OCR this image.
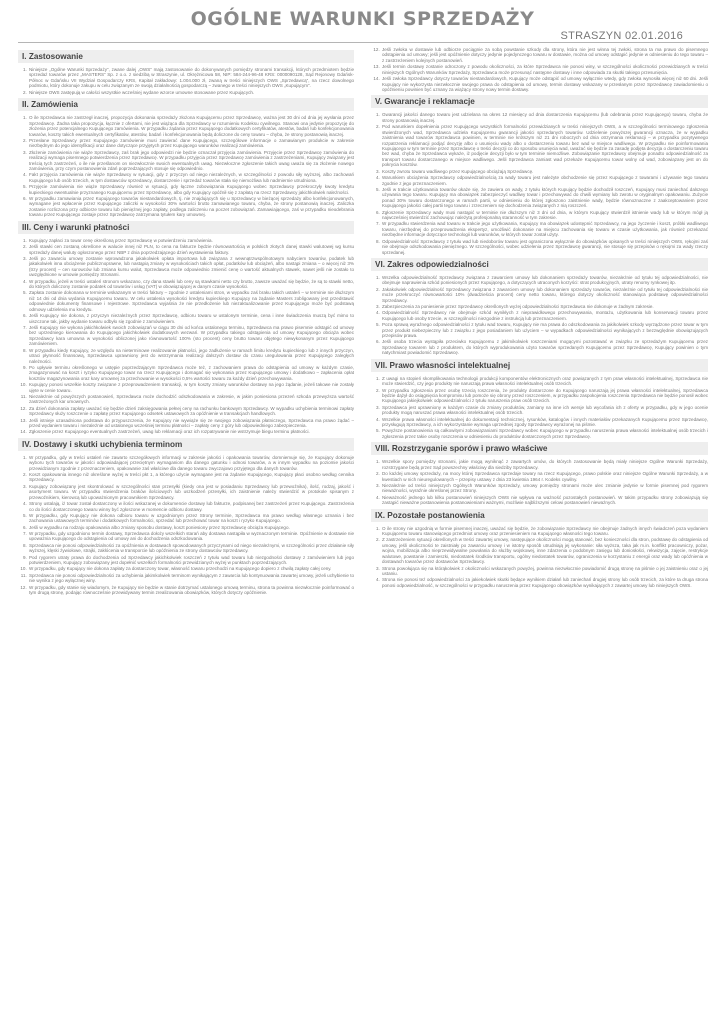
OGÓLNE WARUNKI SPRZEDAŻY
STRASZYN 02.01.2016
I. Zastosowanie
1. Niniejsze „Ogólne Warunki Sprzedaży”, zwane dalej „OWS” mają zastosowanie do dokonywanych pomiędzy stronami transakcji, których przedmiotem będzie sprzedaż towarów przez „MASTERS” Sp. z o.o. z siedzibą w Straszynie, ul. Okrężnicowa 58, NIP: 584-244-96-48 KRS: 0000090128, Sąd Rejonowy Gdańsk-Północ w Gdańsku VII Wydział Gospodarczy KRS, Kapitał zakładowy: 1.004.000 zł, zwaną w treści niniejszych OWS „Sprzedawcą”, na rzecz dowolnego podmiotu, który dokonuje zakupu w celu związanym ze swoją działalnością gospodarczą – zwanego w treści niniejszych OWS „Kupującym”.
2. Niniejsze OWS zastępują w całości wszystkie wcześniej wydane wzorce umowne stosowane przez Kupujących.
II. Zamówienia
1. O ile Sprzedawca nie zastrzegł inaczej, propozycja dokonania sprzedaży złożona Kupującemu przez Sprzedawcę, ważna jest 30 dni od dnia jej wysłania przez Sprzedawcę. Żadna taka propozycja, łącznie z ofertami, nie jest wiążąca dla Sprzedawcy w rozumieniu Kodeksu cywilnego. Stanowi ona jedynie propozycję do złożenia przez potencjalnego Kupującego zamówienia. W przypadku żądania przez Kupującego dodatkowych certyfikatów, atestów, badań lub konfekcjonowania towarów, koszty takich ewentualnych certyfikatów, atestów, badań i konfekcjonowania będą doliczone do ceny towaru – chyba, że strony postanowią inaczej.
2. Przesłane Sprzedawcy przez Kupującego zamówienie musi zawierać dane Kupującego, szczegółowe informacje o zamawianym produkcie w zakresie niezbędnym do jego identyfikacji oraz dane dotyczące przyjętych przez Kupującego warunków realizacji zamówienia.
3. Złożenie zamówienia nie wiąże Sprzedawcy, zaś brak jego odpowiedzi nie będzie oznaczał przyjęcia zamówienia. Przyjęcie przez Sprzedawcę zamówienia do realizacji wymaga pisemnego potwierdzenia przez Sprzedawcę. W przypadku przyjęcia przez Sprzedawcę zamówienia z zastrzeżeniami, Kupujący związany jest treścią tych zastrzeżeń, o ile nie prześlanom on niezwłocznie swoich ewentualnych uwag. Niezwłoczne zgłoszenie takich uwag uważa się za złożenie nowego zamówienia, przy czym postanowienia zdań poprzedzających stosuje się odpowiednio.
4. Fakt przyjęcia zamówienia nie wiąże Sprzedawcy w sytuacji, gdy z przyczyn od niego niezależnych, w szczególności z powodu siły wyższej, albo zachowań Kupującego lub osób trzecich, w tym dostawców sprzedawcy, dostarczenie i sprzedaż towarów stała się niemożliwa lub nadmiernie utrudniona.
5. Przyjęcie zamówienia nie wiąże Sprzedawcy również w sytuacji, gdy łączne zobowiązania Kupującego wobec Sprzedawcy przekroczyły kwoty kredytu kupieckiego ewentualnie przyznanego Kupującemu przez Sprzedawcę, albo gdy Kupujący opóźnił się z zapłatą na rzecz Sprzedawcy jakichkolwiek należności.
6. W przypadku zamawiania przez Kupującego towarów niestandardowych, tj. nie znajdujących się u Sprzedawcy w bieżącej sprzedaży albo konfekcjonowanych, wymagane jest wpłacenie przez Kupującego zaliczki w wysokości 30% wartości brutto zamawianego towaru, chyba, że strony postanowią inaczej. Zaliczka zostanie rozliczona przy odbiorze towaru lub pieniężnej jego zapłaty, podlega zaliczeniu na poczet zobowiązań. Zamawiającego, zaś w przypadku nieodebrania towaru przez Kupującego zostaje przez Sprzedawcę zatrzymana tytułem kary umownej.
III. Ceny i warunki płatności
1. Kupujący zapłaci za towar cenę określoną przez Sprzedawcę w potwierdzeniu zamówienia.
2. Jeśli stawki cen zostaną określone w walucie innej niż PLN, to cena na fakturze będzie równowartością w polskich złotych danej stawki walutowej wg kursu sprzedaży danej waluty ogłoszonego przez NBP z dnia poprzedzającego dzień wystawienia faktury.
3. Jeśli po zawarciu umowy zostanie wprowadzona jakakolwiek opłata importowa lub związana z wewnątrzwspólnotowym nabyciem towarów, podatek lub jakakolwiek inna obciążenie publicznoprawne, lub nastąpią zmiany w wysokościach takich opłat, podatków lub obciążeń, albo nastąpi zmiana – o więcej niż 3% (trzy procent) – cen surowców lub zmiana kursu walut, Sprzedawca może odpowiednio zmienić cenę o wartość aktualnych stawek, nawet jeśli nie zostało to uwzględnione w umowie pomiędzy Stronami.
4. W przypadku, jeżeli w treści ustaleń stronom wskazano, czy dana stawki lub ceny są stawkami netto czy brutto, zawsze uważać się będzie, że są to stawki netto, do których doliczony zostanie podatek od towarów i usług (VAT) w obowiązującej w danym czasie wysokości.
5. Zapłata zostanie dokonana w terminie wskazanym w treści faktury – zgodnie z ustaleniami stron, w wypadku zaś braku takich ustaleń – w terminie nie dłuższym niż 14 dni od dnia wydania Kupującemu towaru. W celu ustalenia wysokości kredytu kupieckiego Kupujący na żądanie Masters zobligowany jest przedstawić odpowiednie dokumenty finansowe i rejestrowe. Sprzedawca wyjaśnia że nie przedłożenie lub niezaktualizowanie przez Kupującego może być podstawą odmowy udzielenia mu kredytu.
6. Jeśli Kupujący nie dokona, z przyczyn niezależnych przez Sprzedawcę, odbioru towaru w ustalonym terminie, cena i inne świadczenia muszą być mimo to uiszczone tak, jakby wydanie towaru odbyło się zgodnie z zamówieniem.
7. Jeśli Kupujący nie wykona jakichkolwiek swoich zobowiązań w ciągu 30 dni od końca ustalonego terminu, Sprzedawca ma prawo pisemnie odstąpić od umowy bez uprzedniego kierowania do Kupującego jakichkolwiek dodatkowych wezwań. W przypadku takiego odstąpienia od umowy Kupującego obciąża wobec Sprzedawcy kara umowna w wysokości obliczonej jako równowartość 100% (sto procent) ceny brutto towaru objętego niewykonanym przez Kupującego zamówieniem.
8. W przypadku kiedy Kupujący, ze względu na nieterminowe realizowanie płatności, jego zadłużenie w ramach limitu kredytu kupieckiego lub z innych przyczyn, utraci płynność finansową, Sprzedawca uprawniony jest do wstrzymania realizacji dalszych dostaw do czasu uregulowania przez Kupującego zaległych należności.
9. Po upływie terminu określonego w ustępie poprzedzającym Sprzedawca może też, z zachowaniem prawa do odstąpienia od umowy w każdym czasie, zmagazynować na koszt i ryzyko Kupującego towar na rzecz Kupującego i domagać się wykonania przez Kupującego umowy i dodatkowo – zapłacenia opłat kosztów magazynowania oraz kary umownej za przechowanie w wysokości 0,5% wartości towaru za każdy dzień przechowywania.
10. Kupujący ponosi wszelkie koszty związane z przeprowadzeniem transakcji, w tym koszty zmiany warunków dostawy na jego żądanie, jeżeli takowe nie zostały ujęte w cenie towaru.
11. Niezależnie od powyższych postanowień, Sprzedawca może dochodzić odszkodowania w zakresie, w jakim poniesiona przezeń szkoda przewyższa wartość zastrzeżonych kar umownych.
12. Za dzień dokonania zapłaty uważać się będzie dzień zaksięgowania pełnej ceny na rachunku bankowym Sprzedawcy. W wypadku uchybienia terminowi zapłaty Sprzedawcy służy roszczenie o zapłatę przez Kupującego odsetek ustawowych za opóźnienie w transakcjach handlowych.
13. Jeśli istnieje uzasadniona podstawa do przypuszczenia, że Kupujący nie wywiąże się ze swojego zobowiązania płatniczego, Sprzedawca ma prawo żądać – przed wydaniem towaru i niezależnie od ustalonego wcześniej terminu płatności – zapłaty ceny z góry lub odpowiedniego zabezpieczenia.
14. Zgłoszenie przez Kupującego eventualnych zastrzeżeń, uwag lub reklamacji oraz ich rozpatrywanie nie wstrzymuje biegu terminu płatności.
IV. Dostawy i skutki uchybienia terminom
1. W przypadku, gdy w treści ustaleń nie zawarto szczegółowych informacji w zakresie jakości i opakowania towarów, domniemuje się, że Kupujący dokonuje wyboru tych towarów w jakości odpowiadającej przeciętnym wymaganiom dla danego gatunku i odnosi towarów, a w innym wypadku na poziomie jakości przewidzianym zgodnie z przeznaczeniem, opakowanie zaś właściwe dla danego towaru zwyczajowo przyjętego dla danych towarów.
2. Koszt opakowania innego niż określone wyżej w treści pkt 1, a którego użycie wymagane jest na żądanie Kupującego, Kupujący płaci osobno według cennika Sprzedawcy.
3. Kupujący zobowiązany jest skontrolować w szczególności stan przesyłki (kiedy ona jest w posiadaniu Sprzedawcy lub przewoźnika), ilość, rodzaj, jakość i asortyment towaru. W przypadku stwierdzenia braków ilościowych lub uszkodzeń przesyłki, ich zaistnienie należy stwierdzić w protokole spisanym z przewoźnikiem, kierowcą lub upoważnionym pracownikiem Sprzedawcy.
4. Strony ustalają, iż towar został dostarczony w ilości wskazanej w dokumencie dostawy lub fakturze, podpisanej bez zastrzeżeń przez Kupującego. Zastrzeżenia co do ilości dostarczonego towaru winny być zgłoszone w momencie odbioru dostawy.
5. W przypadku, gdy Kupujący nie dokona odbioru towaru w uzgodnionym przez Strony terminie, Sprzedawca ma prawo według własnego uznania i bez zachowania ustawowych terminów i dodatkowych formalności, sprzedać lub przechować towar na koszt i ryzyko Kupującego.
6. Jeśli w wypadku na rodzaju opakowania albo zmiany sposobu dostawy, koszt poniesiony przez Sprzedawcę obciąża Kupującego.
7. W przypadku, gdy uzgodniono termin dostawy, Sprzedawca dołoży wszelkich starań aby dostawa nastąpiła w wyznaczonym terminie. Opóźnienie w dostawie nie upoważnia Kupującego do odstąpienia od umowy ani do dochodzenia odszkodowania.
8. Sprzedawca nie ponosi odpowiedzialności za opóźnienia w dostawach spowodowanych przyczynami od niego niezależnymi, w szczególności przez działanie siły wyższej, klęski żywiołowe, strajki, zakłócenia w transporcie lub opóźnienia ze strony dostawców Sprzedawcy.
9. Pod rygorem utraty prawa do dochodzenia od Sprzedawcy jakichkolwiek roszczeń z tytułu wad towaru lub niezgodności dostawy z zamówieniem lub jego potwierdzeniem, Kupujący zobowiązany jest dopełnić wszelkich formalności przewidzianych wyżej w punktach poprzedzających.
10. W przypadku, gdy Kupujący nie dokona zapłaty za dostarczony towar, własność towaru przechodzi na Kupującego dopiero z chwilą zapłaty całej ceny.
11. Sprzedawca nie ponosi odpowiedzialności za uchybienia jakimkolwiek terminom wynikającym z zawarcia lub kontynuowania zawartej umowy, jeżeli uchybienie to nie wynika z jego wyłącznej winy.
12. W przypadku, gdy stanie się wiadomym, że Kupujący nie będzie w stanie dotrzymać ustalonego umową terminu, strona ta powinna niezwłocznie poinformować o tym drugą stronę, podając równocześnie przewidywany termin zrealizowania obowiązków, których dotyczy opóźnienie.
12. Jeśli zwłoka w dostawie lub odbiorze pociągnie za sobą powstanie szkody dla strony, która nie jest winna tej zwłoki, strona ta ma prawo do pisemnego odstąpienia od umowy; jeśli jest opóźnienie dotyczy jedynie pojedynczego towaru w dostawie, można od umowy odstąpić jedynie w odniesieniu do tego towaru – z zastrzeżeniem kolejnych postanowień.
13. Jeśli termin dostawy zostanie odroczony z powodu okoliczności, za które Sprzedawca nie ponosi winy, w szczególności okoliczności przewidzianych w treści niniejszych Ogólnych Warunków Sprzedaży, Sprzedawca może przesunąć następne dostawy i inne odpowiada za skutki takiego przesunięcia.
14. Jeśli zwłoka Sprzedawcy dotyczy towarów niestandardowych, Kupujący może odstąpić od umowy wyłącznie wtedy, gdy zwłoka wynosiła więcej niż 60 dni. Jeśli Kupujący nie wykorzysta niezwłocznie swojego prawa do odstąpienia od umowy, termin dostawy wskazany w przesłanym przez Sprzedawcę zawiadomieniu o opóźnieniu powinien być uznany za wiążący strony nowy termin dostawy.
V. Gwarancje i reklamacje
1. Gwarancji jakości danego towaru jest udzielana na okres 12 miesięcy od dnia dostarczenia Kupującemu (lub odebrania przez Kupującego) towaru, chyba że strony postanowią inaczej.
2. Pod warunkiem dopełnienia przez Kupującego wszystkich formalności przewidzianych w treści niniejszych OWS, a w szczególności terminowego zgłoszenia stwierdzonych wad, Sprzedawca udziela Kupującemu gwarancji jakości sprzedanych towarów. Udzielenie powyższej gwarancji oznacza, że w wypadku zaistnienia wad towarów Sprzedawca powinien, w terminie nie krótszym niż 21 dni roboczych od dnia otrzymania reklamacji – w przypadku pozytywnego rozpatrzenia reklamacji podjąć decyzję albo o usunięciu wady albo o dostarczeniu towaru bez wad w miejsce wadliwego. W przypadku nie poinformowania Kupującego w tym terminie przez Sprzedawcę o treści decyzji co do sposobu usunięcia wad, uważać się będzie za zasadę podjęta decyzja o dostarczeniu towaru bez wad, chyba że Sprzedawca wykaże, iż podjęcie decyzji było w tym terminie niemożliwe. Zobowiązanie Sprzedawcy obejmuje ponadto odpowiedzialność za transport towaru dostarczanego w miejsce wadliwego. Jeśli Sprzedawca zamiast wad przekaże Kupującemu towar wolny od wad, zobowiązany jest on do pokrycia kosztów.
3. Koszty zwrotu towaru wadliwego przez Kupującego obciążają Sprzedawcę.
4. Warunkiem obciążenia Sprzedawcy odpowiedzialnością za wady towaru jest należyte obchodzenie się przez Kupującego z towarami i używanie tego towaru zgodnie z jego przeznaczeniem.
5. Jeśli w trakcie użytkowania towarów okaże się, że zawiera on wady, z tytułu których Kupujący będzie dochodził roszczeń, Kupujący musi zaniechać dalszego używania tego towaru. Kupujący ma obowiązek zabezpieczyć wadliwy towar i przechowywać do chwili wymiany lub zwrotu w oryginalnym opakowaniu. Zużycie ponad 30% towaru dostarczonego w ramach partii, w odniesieniu do której zgłoszono zaistnienie wady, będzie równoznaczne z zaakceptowaniem przez Kupującego jakości całej partii tego towaru i zrzeczeniem się dochodzenia związanych z nią roszczeń.
6. Zgłoszenie Sprzedawcy wady musi nastąpić w terminie nie dłuższym niż 3 dni od dnia, w którym Kupujący stwierdził istnienie wady lub w którym mógł ją najwcześniej stwierdzić zachowując należytą profesjonalną staranność w tym zakresie.
7. W przypadku stwierdzenia wad towaru w trakcie jego użytkowania, Kupujący ma obowiązek udostępnić Sprzedawcy, na jego życzenie i koszt, próbki wadliwego towaru, niezbędnej do przeprowadzenia ekspertyz, umożliwić dokonanie na miejscu zachowania się towaru w czasie użytkowania, jak również przekazać niezbędne informacje dotyczące technologii lub warunków, w których towar został użyty.
8. Odpowiedzialność Sprzedawcy z tytułu wad lub niedoborów towaru jest ograniczona wyłącznie do obowiązków opisanych w treści niniejszych OWS, rękojmi zaś nie obejmuje odszkodowania pieniężnego. W szczególności, wobec udzielenia przez Sprzedawcę gwarancji, nie stosuje się przepisów o rękojmi za wady rzeczy sprzedanej.
VI. Zakres odpowiedzialności
1. Wszelka odpowiedzialność Sprzedawcy związana z zawarciem umowy lub dokonaniem sprzedaży towarów, niezależnie od tytułu tej odpowiedzialności, nie obejmuje naprawienia szkód poniesionych przez Kupującego, a dotyczących utraconych korzyści: strat produkcyjnych, utraty renomy rynkowej itp.
2. Jakakolwiek odpowiedzialność Sprzedawcy związana z zawarciem umowy lub dokonaniem sprzedaży towarów, niezależnie od tytułu tej odpowiedzialności nie może przekroczyć równowartości 10% (dwadzieścia procent) ceny netto towaru, którego dotyczy okoliczność stanowiąca podstawę odpowiedzialności Sprzedawcy.
3. Zabezpieczenia za poniesienie przez Sprzedawcę określonych wyżej odpowiedzialności Sprzedawca nie dokonuje w żadnym zakresie.
4. Odpowiedzialność Sprzedawcy nie obejmuje szkód wynikłych z nieprawidłowego przechowywania, montażu, użytkowania lub konserwacji towaru przez Kupującego lub osoby trzecie, w szczególności niezgodnie z instrukcją lub przeznaczeniem.
5. Poza sprawą wyraźnego odpowiedzialności z tytułu wad towaru, Kupujący nie ma prawa do odszkodowania za jakikolwiek szkody wyrządzone przez towar w tym przez produkt niebezpieczny lub z związku z jego posiadaniem lub użyciem – w wypadkach odpowiedzialności wynikających z bezzwględnie obowiązujących przepisów prawa.
6. Jeśli osoba trzecia wystąpiła przeciwko Kupującemu z jakimikolwiek roszczeniami mogącymi pozostawać w związku ze sprzedażym Kupującemu przez Sprzedawcę towarem lub z produktem, do których wyprodukowania użyto towarów sprzedanych Kupującemu przez Sprzedawcę, Kupujący powinien o tym natychmiast powiadomić Sprzedawcę.
VII. Prawo własności intelektualnej
1. Z uwagi na stopień skomplikowania technologii produkcji komponentów elektronicznych oraz powiązanych z tym praw własności intelektualnej, Sprzedawca nie może stwierdzić, czy jego produkty nie naruszają prawa własności intelektualnej osób trzecich.
2. W przypadku zgłoszenia przez osobę trzecią roszczenia, że produkty dostarczone do Kupującego naruszają jej prawa własności intelektualnej, Sprzedawca będzie dążył do osiągnięcia kompromisu lub pomoże się obrony przed roszczeniem, w przypadku zaspokojenia roszczenia Sprzedawca nie będzie ponosił wobec Kupującego jakiejkolwiek odpowiedzialności z tytułu naruszenia praw osób trzecich.
3. Sprzedawca jest uprawniony w każdym czasie do zmiany produktów, zamiany na inne ich wersje lub wycofania ich z oferty w przypadku, gdy w jego ocenie produkty mogą naruszać prawa własności intelektualnej osób trzecich.
4. Wszelkie prawa własności intelektualnej do dokumentacji technicznej, rysunków, katalogów i innych materiałów przekazanych Kupującemu przez Sprzedawcę, przysługują Sprzedawcy, a ich wykorzystanie wymaga uprzedniej zgody Sprzedawcy wyrażonej na piśmie.
5. Powyższe postanowienia są całkowitymi zobowiązaniami Sprzedawcy wobec Kupującego w przypadku naruszenia prawa własności intelektualnej osób trzecich i zgłoszenia przez takie osoby roszczenia w odniesieniu do produktów dostarczonych przez Sprzedawcę.
VIII. Rozstrzyganie sporów i prawo właściwe
1. Wszelkie spory pomiędzy stronami, jakie mogą wyniknąć z zawartych umów, do których zastosowanie będą miały niniejsze Ogólne Warunki Sprzedaży, rozstrzygane będą przez Sąd powszechny właściwy dla siedziby Sprzedawcy.
2. Do każdej umowy sprzedaży, na mocy której Sprzedawca sprzedaje towary na rzecz Kupującego, prawo polskie oraz niniejsze Ogólne Warunki Sprzedaży, a w kwestiach w nich nieuregulowanych – przepisy ustawy z dnia 23 kwietnia 1964 r. Kodeks cywilny.
3. Niezależnie od treści niniejszych Ogólnych Warunków Sprzedaży, umowy pomiędzy stronami może ulec zmianie jedynie w formie pisemnej pod rygorem nieważności, wyraźnie określonej przez Strony.
4. Nieważność jednego lub kilku postanowień niniejszych OWS nie wpływa na ważność pozostałych postanowień. W takim przypadku strony zobowiązują się zastąpić nieważne postanowienia postanowieniami ważnymi, możliwie najbliższymi celowi postanowień nieważnych.
IX. Pozostałe postanowienia
1. O ile strony nie uzgodnią w formie pisemnej inaczej, uważać się będzie, że zobowiązanie Sprzedawcy nie obejmuje żadnych innych świadczeń poza wydaniem Kupującemu towaru stanowiącego przedmiot umowy oraz przeniesieniem na Kupującego własności tego towaru.
2. Z zastrzeżeniem sytuacji określonych w treści zawartej umowy, następujące okoliczności mogą stanowić, bez konieczności dla stron, podstawę do odstąpienia od umowy, jeśli okoliczności te zaistniały po zawarciu umowy i w istotny sposób utrudniają jej wykonanie: siła wyższa, taka jak m.in. konflikt pracowniczy, pożar, wojna, mobilizacja albo nieprzewidywalne powołania do służby wojskowej, inne zdarzenia o podobnym zasięgu lub doniosłości, rekwizycja, zajęcie, restrykcje walutowe, powstanie i zamieszki, niedostatek środków transportu, ogólny niedostatek towarów, ograniczenia w korzystaniu z energii oraz wady lub opóźnienia w dostawach towarów przez dostawców Sprzedawcy.
3. Strona powołująca się na którąkolwiek z okoliczności wskazanych powyżej, powinna niezwłocznie powiadomić drugą stronę na piśmie o jej zaistnieniu oraz o jej ustaniu.
4. Strona nie ponosi też odpowiedzialności za jakiekolwiek skutki będące wynikiem działań lub zaniechań drugiej strony lub osób trzecich, za które ta druga strona ponosi odpowiedzialność, w szczególności w przypadku naruszenia przez Kupującego obowiązków wynikających z zawartej umowy lub niniejszych OWS.
